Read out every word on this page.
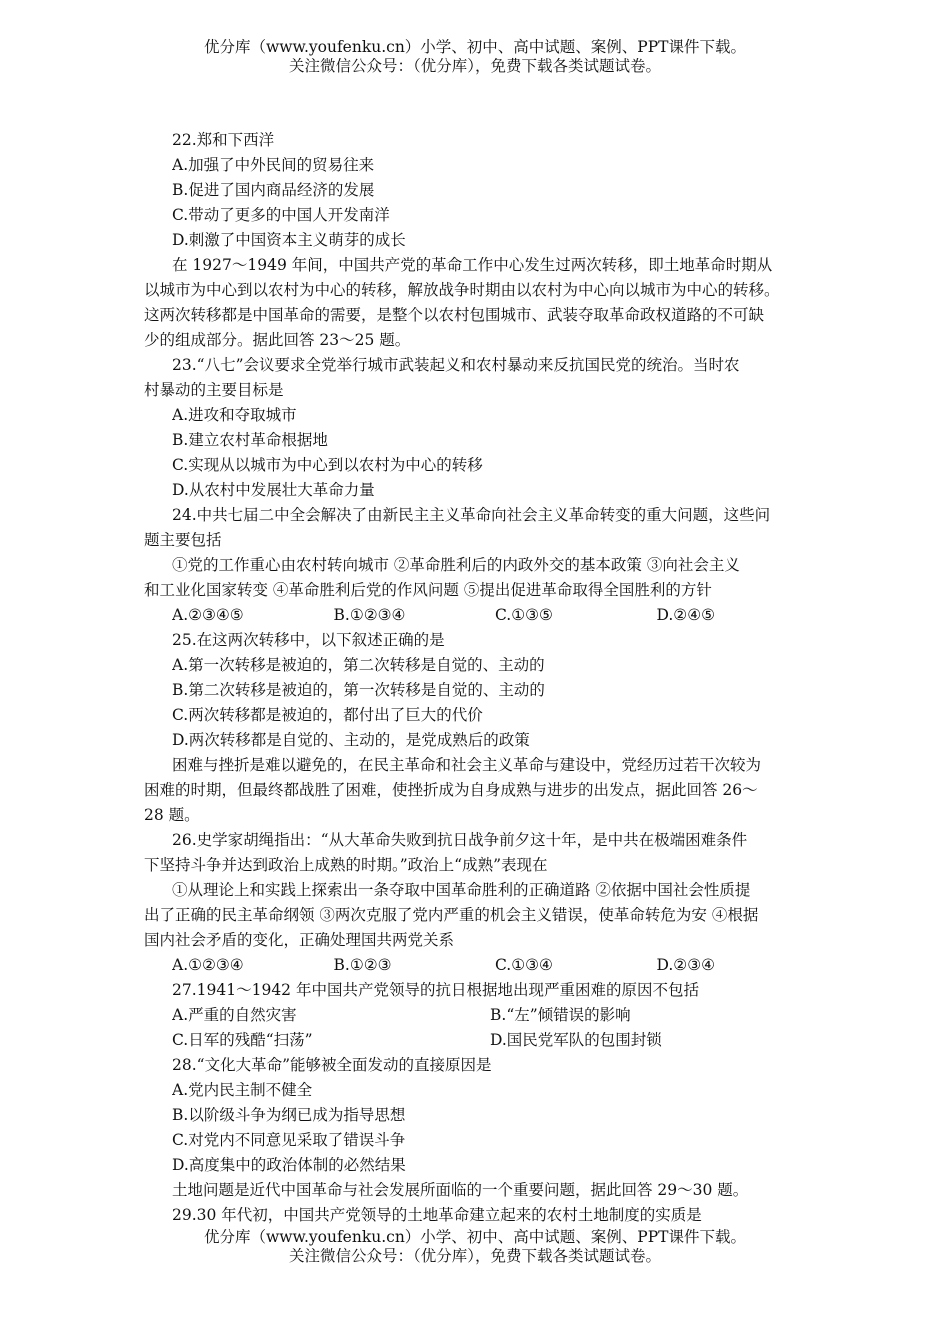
优分库（www.youfenku.cn）小学、初中、高中试题、案例、PPT课件下载。
关注微信公众号：（优分库），免费下载各类试题试卷。
22.郑和下西洋
A.加强了中外民间的贸易往来
B.促进了国内商品经济的发展
C.带动了更多的中国人开发南洋
D.刺激了中国资本主义萌芽的成长
在 1927～1949 年间，中国共产党的革命工作中心发生过两次转移，即土地革命时期从
以城市为中心到以农村为中心的转移，解放战争时期由以农村为中心向以城市为中心的转移。
这两次转移都是中国革命的需要，是整个以农村包围城市、武装夺取革命政权道路的不可缺
少的组成部分。据此回答 23～25 题。
23.“八七”会议要求全党举行城市武装起义和农村暴动来反抗国民党的统治。当时农
村暴动的主要目标是
A.进攻和夺取城市
B.建立农村革命根据地
C.实现从以城市为中心到以农村为中心的转移
D.从农村中发展壮大革命力量
24.中共七届二中全会解决了由新民主主义革命向社会主义革命转变的重大问题，这些问
题主要包括
①党的工作重心由农村转向城市 ②革命胜利后的内政外交的基本政策 ③向社会主义
和工业化国家转变 ④革命胜利后党的作风问题 ⑤提出促进革命取得全国胜利的方针
A.②③④⑤	B.①②③④	C.①③⑤	D.②④⑤
25.在这两次转移中，以下叙述正确的是
A.第一次转移是被迫的，第二次转移是自觉的、主动的
B.第二次转移是被迫的，第一次转移是自觉的、主动的
C.两次转移都是被迫的，都付出了巨大的代价
D.两次转移都是自觉的、主动的，是党成熟后的政策
困难与挫折是难以避免的，在民主革命和社会主义革命与建设中，党经历过若干次较为
困难的时期，但最终都战胜了困难，使挫折成为自身成熟与进步的出发点，据此回答 26～
28 题。
26.史学家胡绳指出：“从大革命失败到抗日战争前夕这十年，是中共在极端困难条件
下坚持斗争并达到政治上成熟的时期。”政治上“成熟”表现在
①从理论上和实践上探索出一条夺取中国革命胜利的正确道路 ②依据中国社会性质提
出了正确的民主革命纲领 ③两次克服了党内严重的机会主义错误，使革命转危为安 ④根据
国内社会矛盾的变化，正确处理国共两党关系
A.①②③④	B.①②③	C.①③④	D.②③④
27.1941～1942 年中国共产党领导的抗日根据地出现严重困难的原因不包括
A.严重的自然灾害	B.“左”倾错误的影响
C.日军的残酷“扫荡”	D.国民党军队的包围封锁
28.“文化大革命”能够被全面发动的直接原因是
A.党内民主制不健全
B.以阶级斗争为纲已成为指导思想
C.对党内不同意见采取了错误斗争
D.高度集中的政治体制的必然结果
土地问题是近代中国革命与社会发展所面临的一个重要问题，据此回答 29～30 题。
29.30 年代初，中国共产党领导的土地革命建立起来的农村土地制度的实质是
优分库（www.youfenku.cn）小学、初中、高中试题、案例、PPT课件下载。
关注微信公众号：（优分库），免费下载各类试题试卷。
